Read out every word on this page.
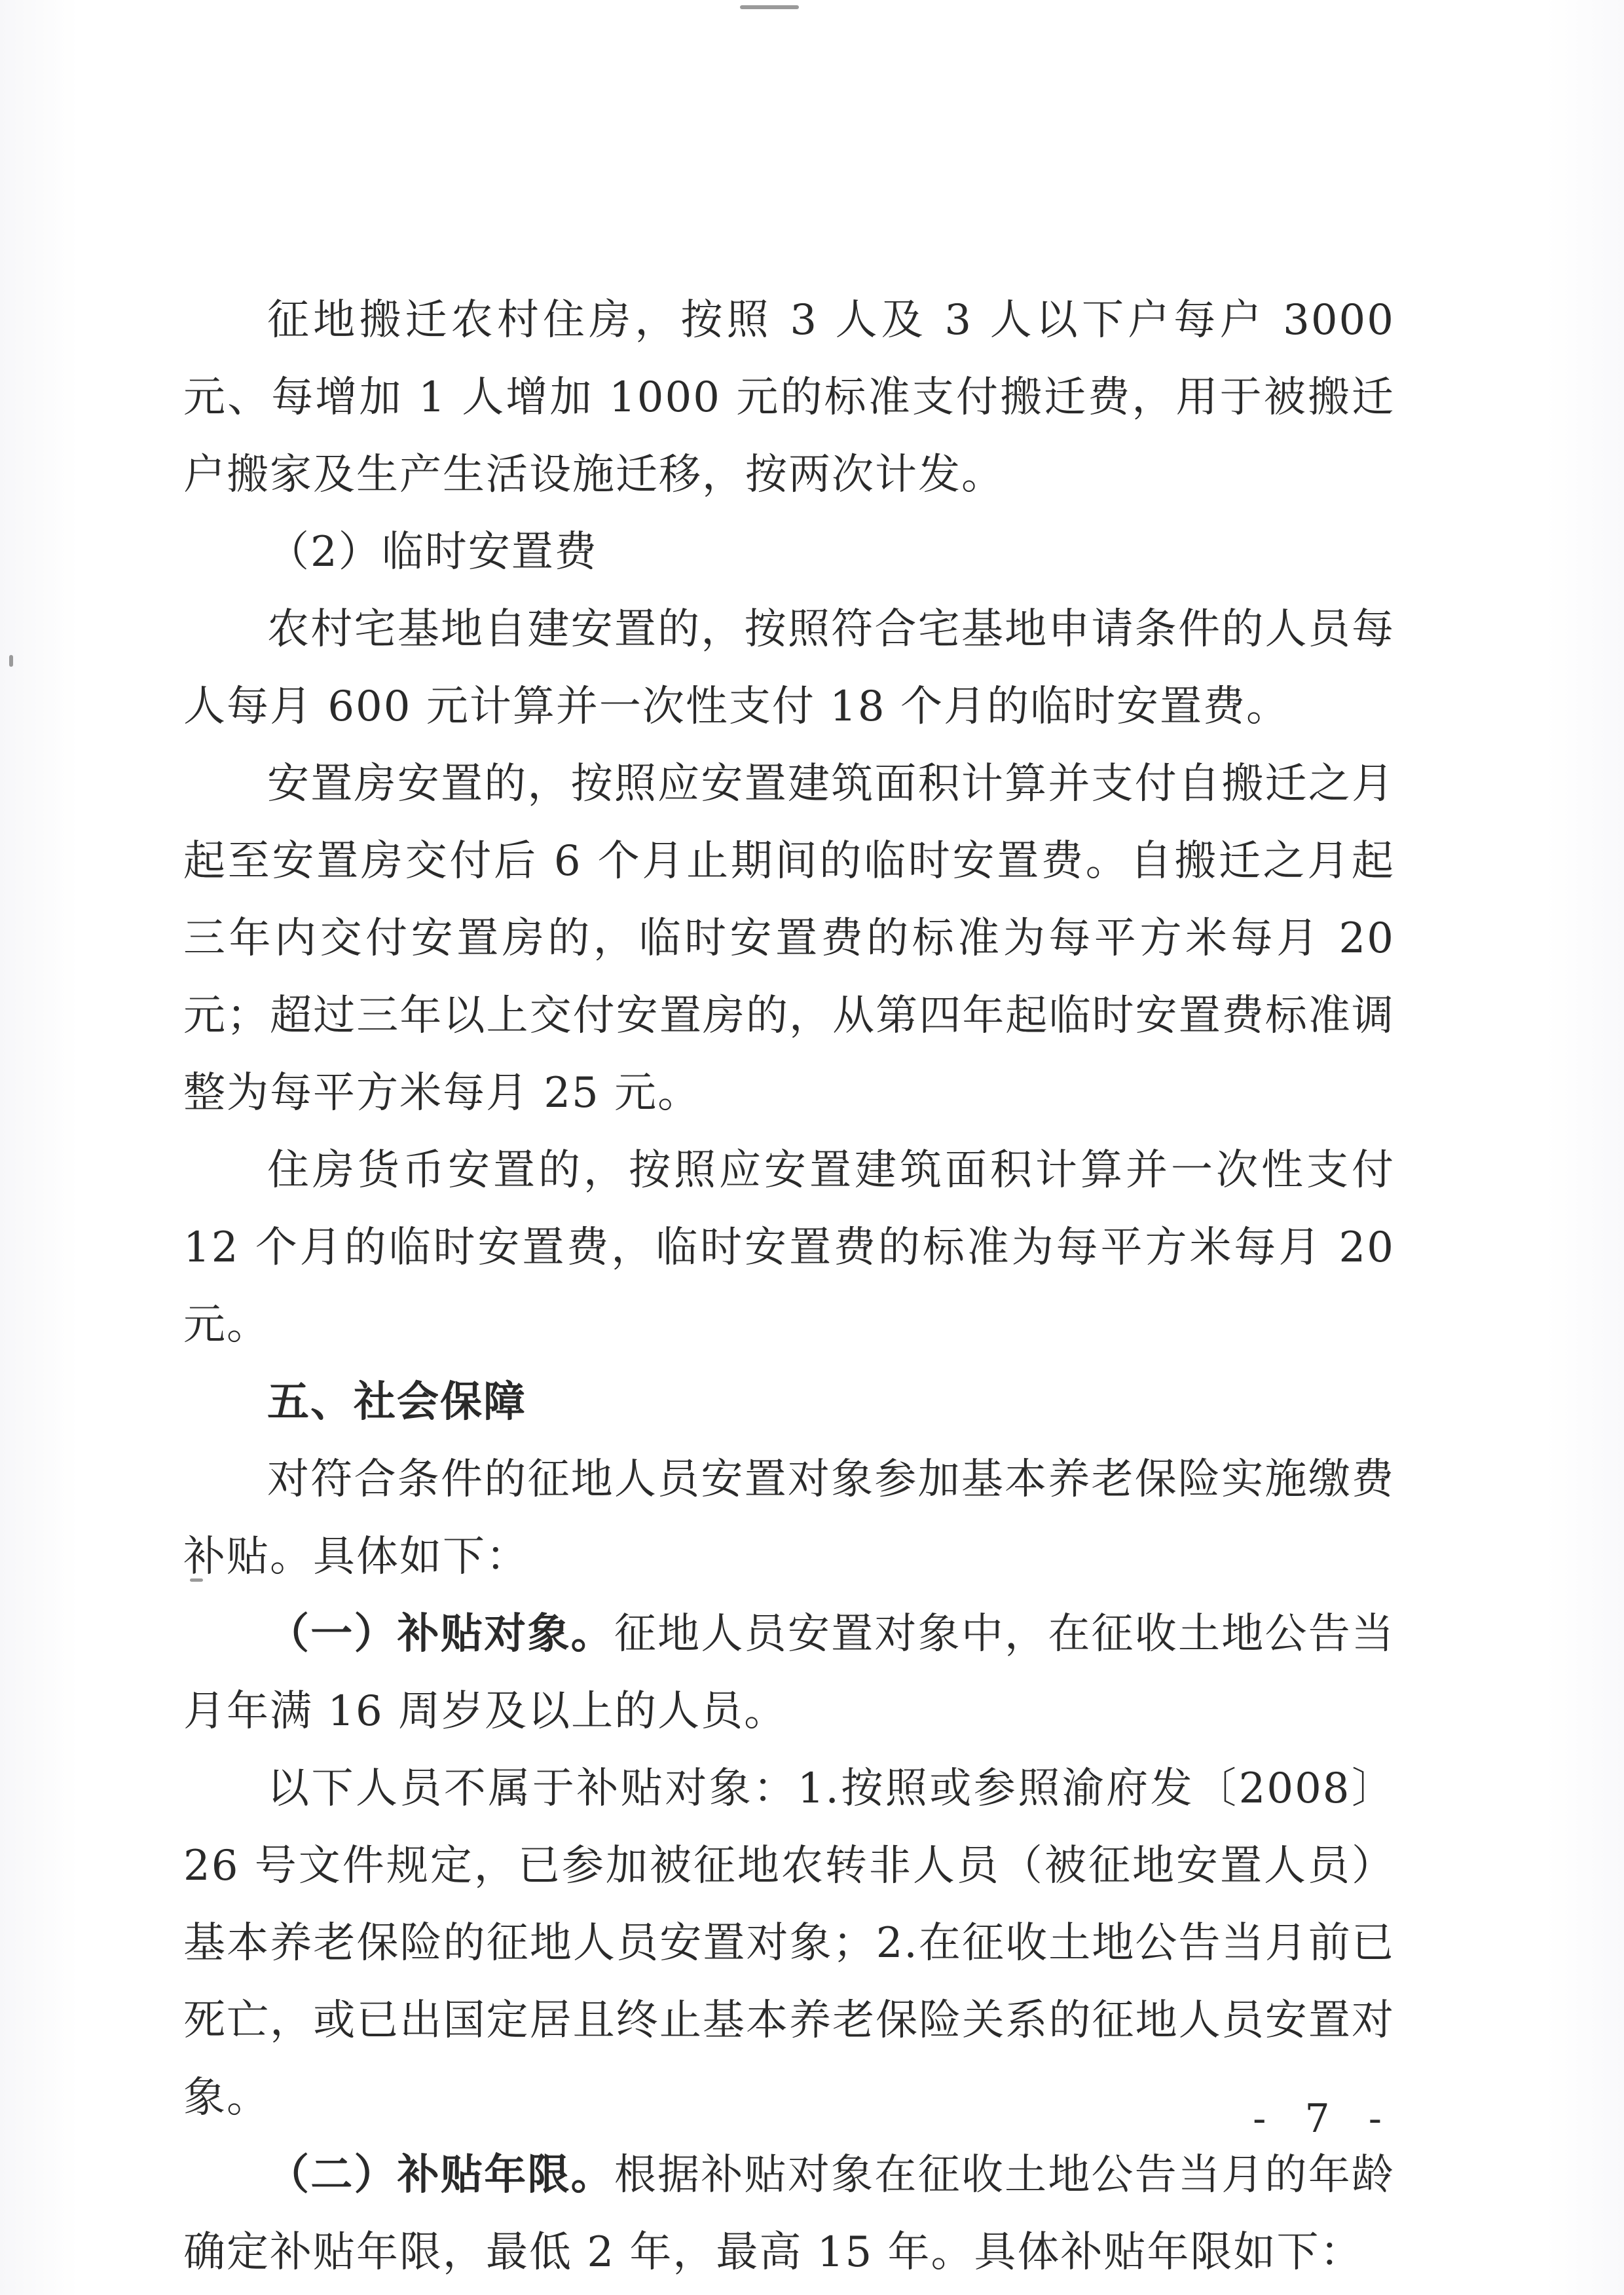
征地搬迁农村住房，按照 3 人及 3 人以下户每户 3000 元、每增加 1 人增加 1000 元的标准支付搬迁费，用于被搬迁户搬家及生产生活设施迁移，按两次计发。

（2）临时安置费

农村宅基地自建安置的，按照符合宅基地申请条件的人员每人每月 600 元计算并一次性支付 18 个月的临时安置费。

安置房安置的，按照应安置建筑面积计算并支付自搬迁之月起至安置房交付后 6 个月止期间的临时安置费。自搬迁之月起三年内交付安置房的，临时安置费的标准为每平方米每月 20 元；超过三年以上交付安置房的，从第四年起临时安置费标准调整为每平方米每月 25 元。

住房货币安置的，按照应安置建筑面积计算并一次性支付 12 个月的临时安置费，临时安置费的标准为每平方米每月 20 元。

五、社会保障

对符合条件的征地人员安置对象参加基本养老保险实施缴费补贴。具体如下：

（一）补贴对象。征地人员安置对象中，在征收土地公告当月年满 16 周岁及以上的人员。

以下人员不属于补贴对象：1.按照或参照渝府发〔2008〕26 号文件规定，已参加被征地农转非人员（被征地安置人员）基本养老保险的征地人员安置对象；2.在征收土地公告当月前已死亡，或已出国定居且终止基本养老保险关系的征地人员安置对象。

（二）补贴年限。根据补贴对象在征收土地公告当月的年龄确定补贴年限，最低 2 年，最高 15 年。具体补贴年限如下：

- 7 -
